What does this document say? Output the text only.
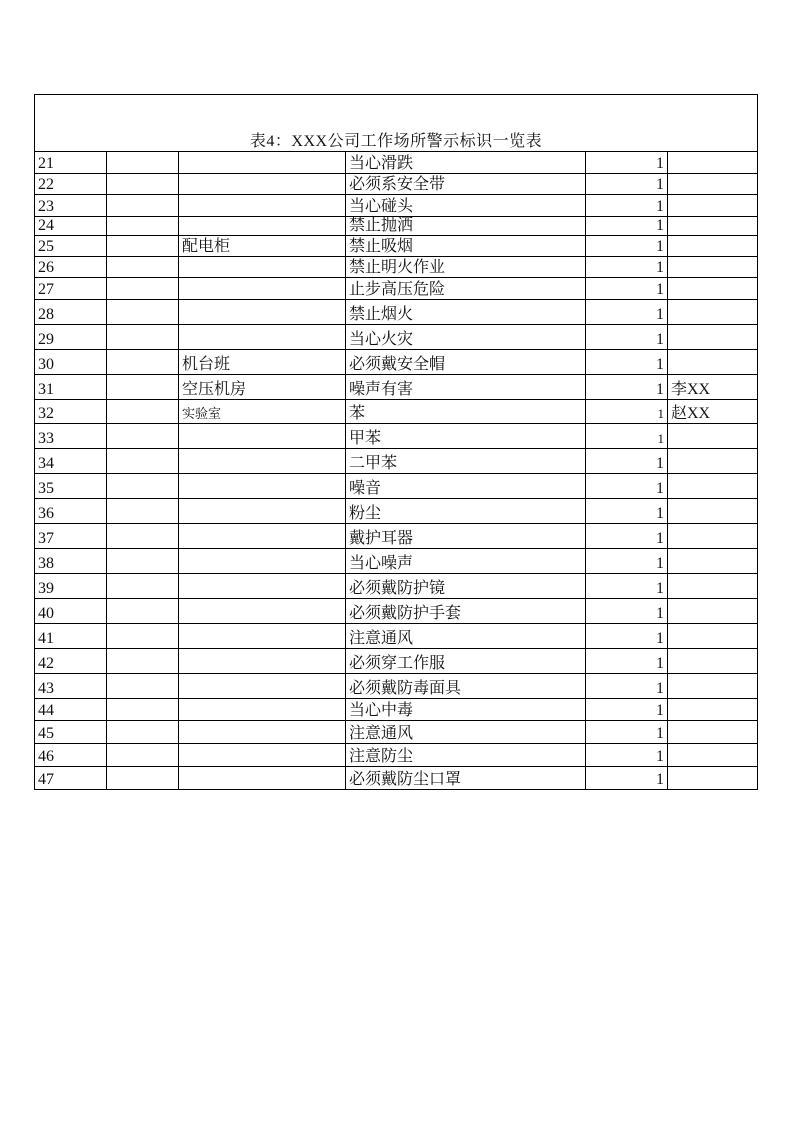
表4：XXX公司工作场所警示标识一览表					
21			当心滑跌	1	
22			必须系安全带	1	
23			当心碰头	1	
24			禁止抛洒	1	
25		配电柜	禁止吸烟	1	
26			禁止明火作业	1	
27			止步高压危险	1	
28			禁止烟火	1	
29			当心火灾	1	
30		机台班	必须戴安全帽	1	
31		空压机房	噪声有害	1	李XX
32		实验室	苯	1	赵XX
33			甲苯	1	
34			二甲苯	1	
35			噪音	1	
36			粉尘	1	
37			戴护耳器	1	
38			当心噪声	1	
39			必须戴防护镜	1	
40			必须戴防护手套	1	
41			注意通风	1	
42			必须穿工作服	1	
43			必须戴防毒面具	1	
44			当心中毒	1	
45			注意通风	1	
46			注意防尘	1	
47			必须戴防尘口罩	1	
